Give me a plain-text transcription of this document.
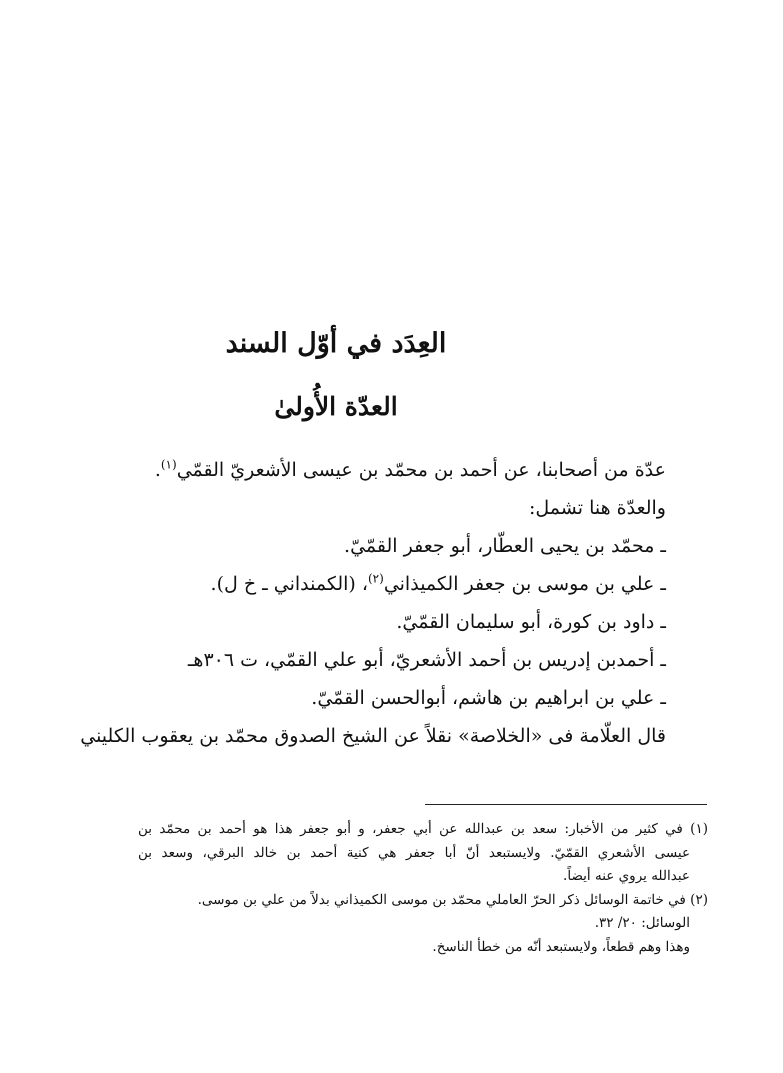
العِدَد في أوّل السند
العدّة الأُولىٰ
عدّة من أصحابنا، عن أحمد بن محمّد بن عيسى الأشعريّ القمّي$^{(١)}$.
والعدّة هنا تشمل:
ـ محمّد بن يحيى العطّار، أبو جعفر القمّيّ.
ـ علي بن موسى بن جعفر الكميذاني$^{(٢)}$، (الكمنداني ـ خ ل).
ـ داود بن كورة، أبو سليمان القمّيّ.
ـ أحمدبن إدريس بن أحمد الأشعريّ، أبو علي القمّي، ت ٣٠٦هـ
ـ علي بن ابراهيم بن هاشم، أبوالحسن القمّيّ.
قال العلّامة فى «الخلاصة» نقلاً عن الشيخ الصدوق محمّد بن يعقوب الكليني
(١) في كثير من الأخبار: سعد بن عبدالله عن أبي جعفر، و أبو جعفر هذا هو أحمد بن محمّد بن
عيسى الأشعري القمّيّ. ولايستبعد أنّ أبا جعفر هي كنية أحمد بن خالد البرقي، وسعد بن
عبدالله يروي عنه أيضاً.
(٢) في خاتمة الوسائل ذكر الحرّ العاملي محمّد بن موسى الكميذاني بدلاً من علي بن موسى.
الوسائل: ٢٠/ ٣٢.
وهذا وهم قطعاً، ولايستبعد أنّه من خطأ الناسخ.
